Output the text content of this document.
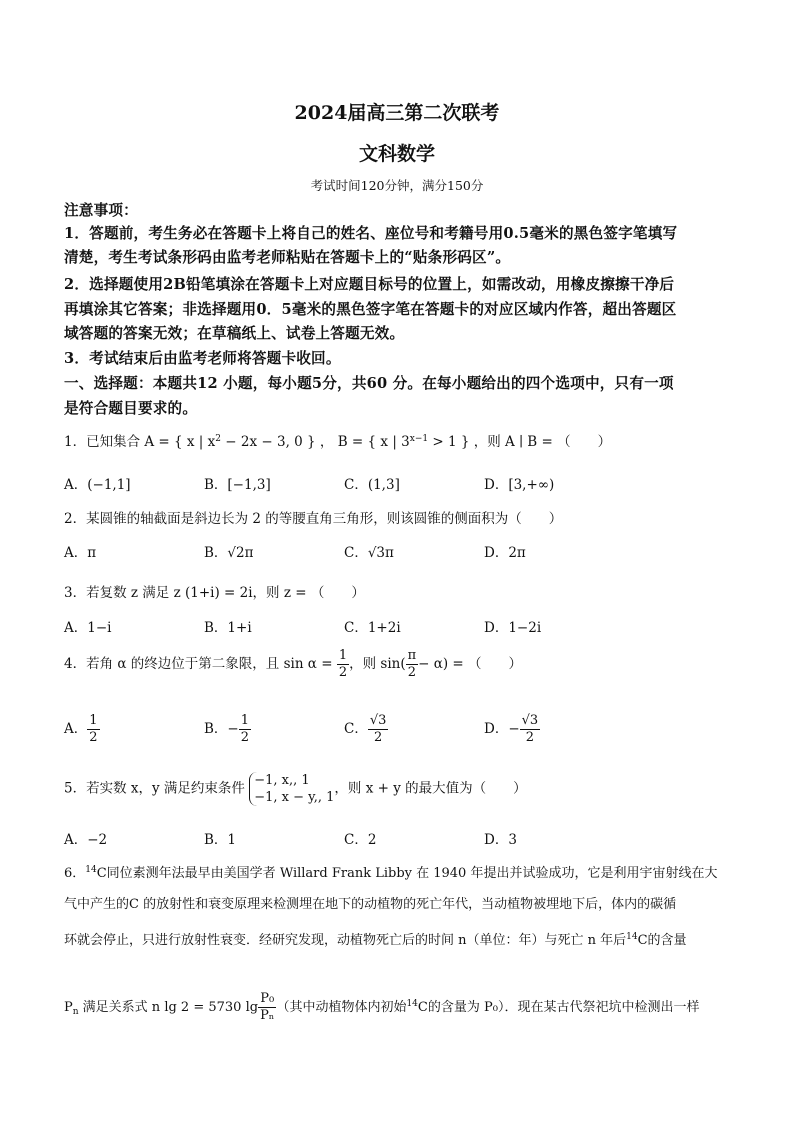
2024届高三第二次联考
文科数学
考试时间120分钟，满分150分
注意事项：
1．答题前，考生务必在答题卡上将自己的姓名、座位号和考籍号用0.5毫米的黑色签字笔填写
清楚，考生考试条形码由监考老师粘贴在答题卡上的“贴条形码区”。
2．选择题使用2B铅笔填涂在答题卡上对应题目标号的位置上，如需改动，用橡皮擦擦干净后
再填涂其它答案；非选择题用0．5毫米的黑色签字笔在答题卡的对应区域内作答，超出答题区
域答题的答案无效；在草稿纸上、试卷上答题无效。
3．考试结束后由监考老师将答题卡收回。
一、选择题：本题共12 小题，每小题5分，共60 分。在每小题给出的四个选项中，只有一项
是符合题目要求的。
1．已知集合 A = { x | $x^2 - 2x - 3$, 0 } ， B = { x | $3^{x-1} > 1$ } ，则 A ∣ B = （　　）
A．(−1,1]	B．[−1,3]	C．(1,3]	D．[3,+∞)
2．某圆锥的轴截面是斜边长为 2 的等腰直角三角形，则该圆锥的侧面积为（　　）
A．π	B．√2π	C．√3π	D．2π
3．若复数 z 满足 z (1+i) = 2i，则 z = （　　）
A．1−i	B．1+i	C．1+2i	D．1−2i
4．若角 α 的终边位于第二象限，且 $\sin \alpha = \frac{1}{2}$ ，则 $\sin( \frac{\pi}{2} - \alpha)$ = （　　）
A． $\frac{1}{2}$	B．− $\frac{1}{2}$	C． $\frac{√3}{2}$	D．− $\frac{√3}{2}$
5．若实数 x，y 满足约束条件 −1, x,, 1
−1, x − y,, 1
，则 x + y 的最大值为（　　）
A．−2	B．1	C．2	D．3
6．$^{14}$C同位素测年法最早由美国学者 Willard Frank Libby 在 1940 年提出并试验成功，它是利用宇宙射线在大
气中产生的C 的放射性和衰变原理来检测埋在地下的动植物的死亡年代，当动植物被埋地下后，体内的碳循
环就会停止，只进行放射性衰变．经研究发现，动植物死亡后的时间 n（单位：年）与死亡 n 年后$^{14}$C的含量
$P_n$ 满足关系式 n lg 2 = 5730 $\lg \frac{\text{P₀}}{\text{Pₙ}}$ （其中动植物体内初始$^{14}$C的含量为 P₀）．现在某古代祭祀坑中检测出一样
